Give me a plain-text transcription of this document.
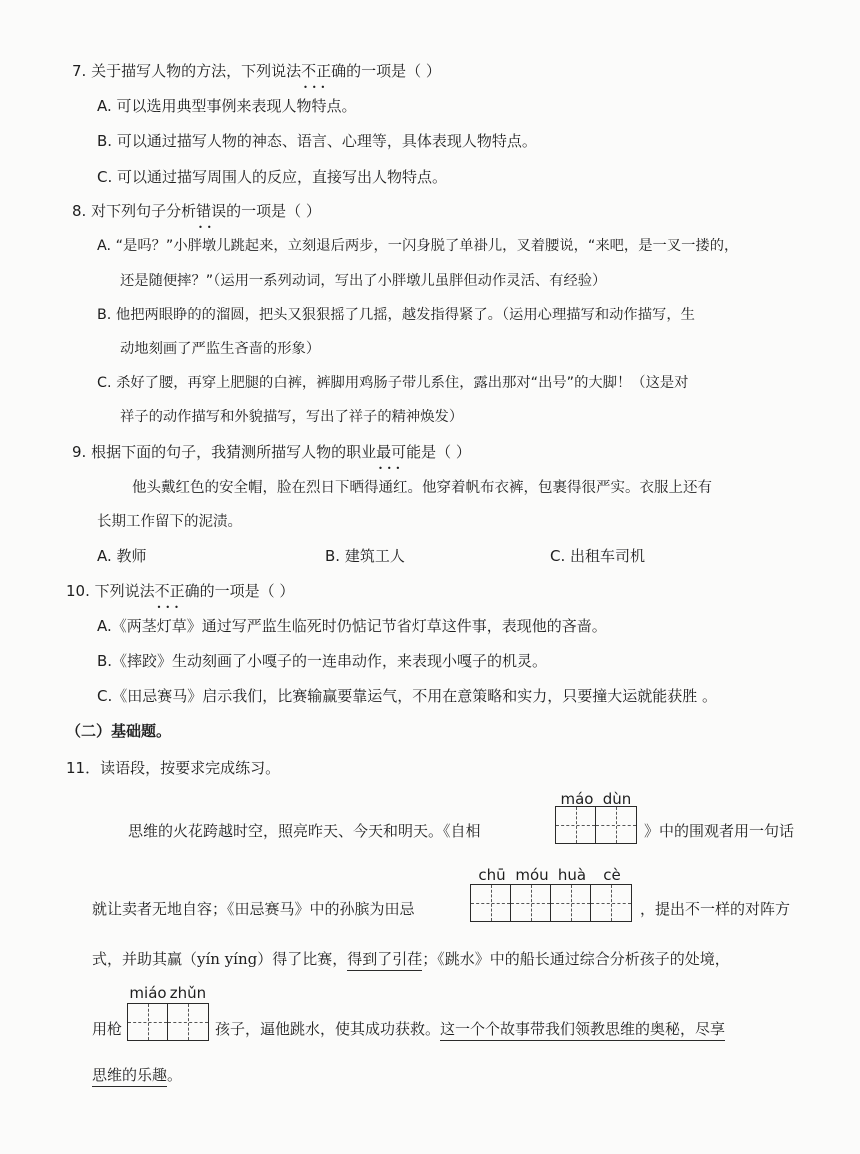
7. 关于描写人物的方法，下列说法不正确 • • •的一项是（ ）
A. 可以选用典型事例来表现人物特点。
B. 可以通过描写人物的神态、语言、心理等，具体表现人物特点。
C. 可以通过描写周围人的反应，直接写出人物特点。
8. 对下列句子分析错误 • •的一项是（ ）
A. “是吗？”小胖墩儿跳起来，立刻退后两步，一闪身脱了单褂儿，叉着腰说，“来吧，是一叉一搂的，
还是随便摔？”（运用一系列动词，写出了小胖墩儿虽胖但动作灵活、有经验）
B. 他把两眼睁的的溜圆，把头又狠狠摇了几摇，越发指得紧了。（运用心理描写和动作描写，生
动地刻画了严监生吝啬的形象）
C. 杀好了腰，再穿上肥腿的白裤，裤脚用鸡肠子带儿系住，露出那对“出号”的大脚！（这是对
祥子的动作描写和外貌描写，写出了祥子的精神焕发）
9. 根据下面的句子，我猜测所描写人物的职业最可能 • • •是（ ）
他头戴红色的安全帽，脸在烈日下晒得通红。他穿着帆布衣裤，包裹得很严实。衣服上还有
长期工作留下的泥渍。
A. 教师	B. 建筑工人	C. 出租车司机
10. 下列说法不正确 • • •的一项是（ ）
A.《两茎灯草》通过写严监生临死时仍惦记节省灯草这件事，表现他的吝啬。
B.《摔跤》生动刻画了小嘎子的一连串动作，来表现小嘎子的机灵。
C.《田忌赛马》启示我们，比赛输赢要靠运气，不用在意策略和实力，只要撞大运就能获胜 。
（二）基础题。
11．读语段，按要求完成练习。
máo dùn
思维的火花跨越时空，照亮昨天、今天和明天。《自相	》中的围观者用一句话
chū móu huà	cè
就让卖者无地自容；《田忌赛马》中的孙膑为田忌	，提出不一样的对阵方
式，并助其赢（yín yíng）得了比赛，得到了引荏；《跳水》中的船长通过综合分析孩子的处境，
miáo zhǔn
用枪	孩子，逼他跳水，使其成功获救。这一个个故事带我们领教思维的奥秘，尽享
思维的乐趣。
